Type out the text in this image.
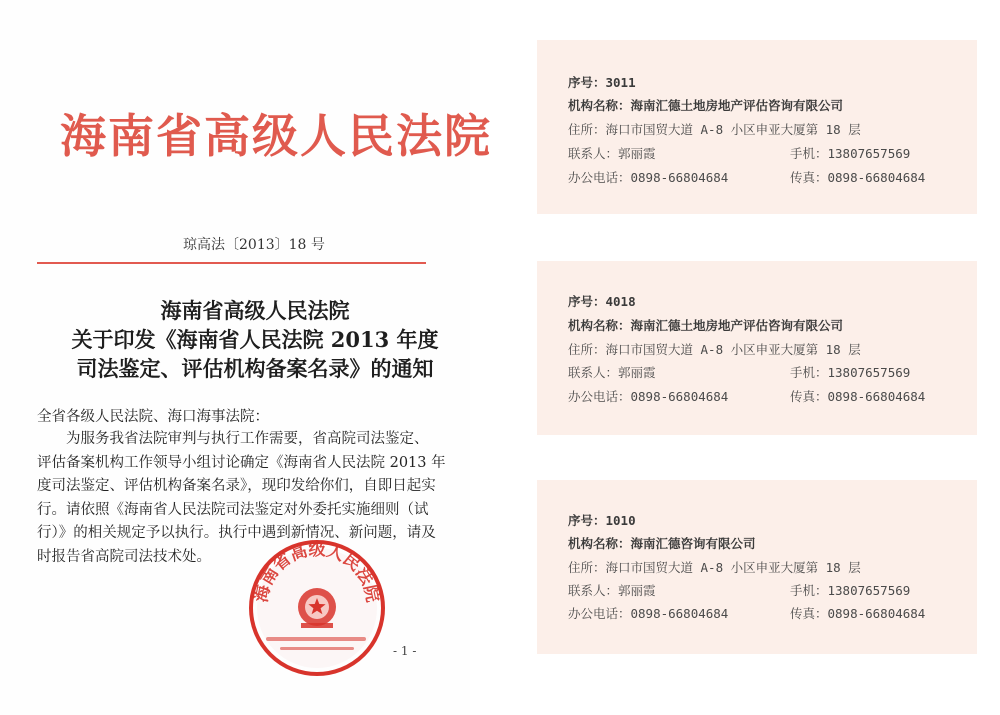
海南省高级人民法院
琼高法〔2013〕18 号
海南省高级人民法院
关于印发《海南省人民法院 2013 年度
司法鉴定、评估机构备案名录》的通知
全省各级人民法院、海口海事法院：
　　为服务我省法院审判与执行工作需要，省高院司法鉴定、
评估备案机构工作领导小组讨论确定《海南省人民法院 2013 年
度司法鉴定、评估机构备案名录》，现印发给你们，自即日起实
行。请依照《海南省人民法院司法鉴定对外委托实施细则（试
行）》的相关规定予以执行。执行中遇到新情况、新问题，请及
时报告省高院司法技术处。
海南省高级人民法院
- 1 -
序号：3011
机构名称：海南汇德土地房地产评估咨询有限公司
住所：海口市国贸大道 A-8 小区申亚大厦第 18 层
联系人：郭丽霞	手机：13807657569
办公电话：0898-66804684	传真：0898-66804684
序号：4018
机构名称：海南汇德土地房地产评估咨询有限公司
住所：海口市国贸大道 A-8 小区申亚大厦第 18 层
联系人：郭丽霞	手机：13807657569
办公电话：0898-66804684	传真：0898-66804684
序号：1010
机构名称：海南汇德咨询有限公司
住所：海口市国贸大道 A-8 小区申亚大厦第 18 层
联系人：郭丽霞	手机：13807657569
办公电话：0898-66804684	传真：0898-66804684
